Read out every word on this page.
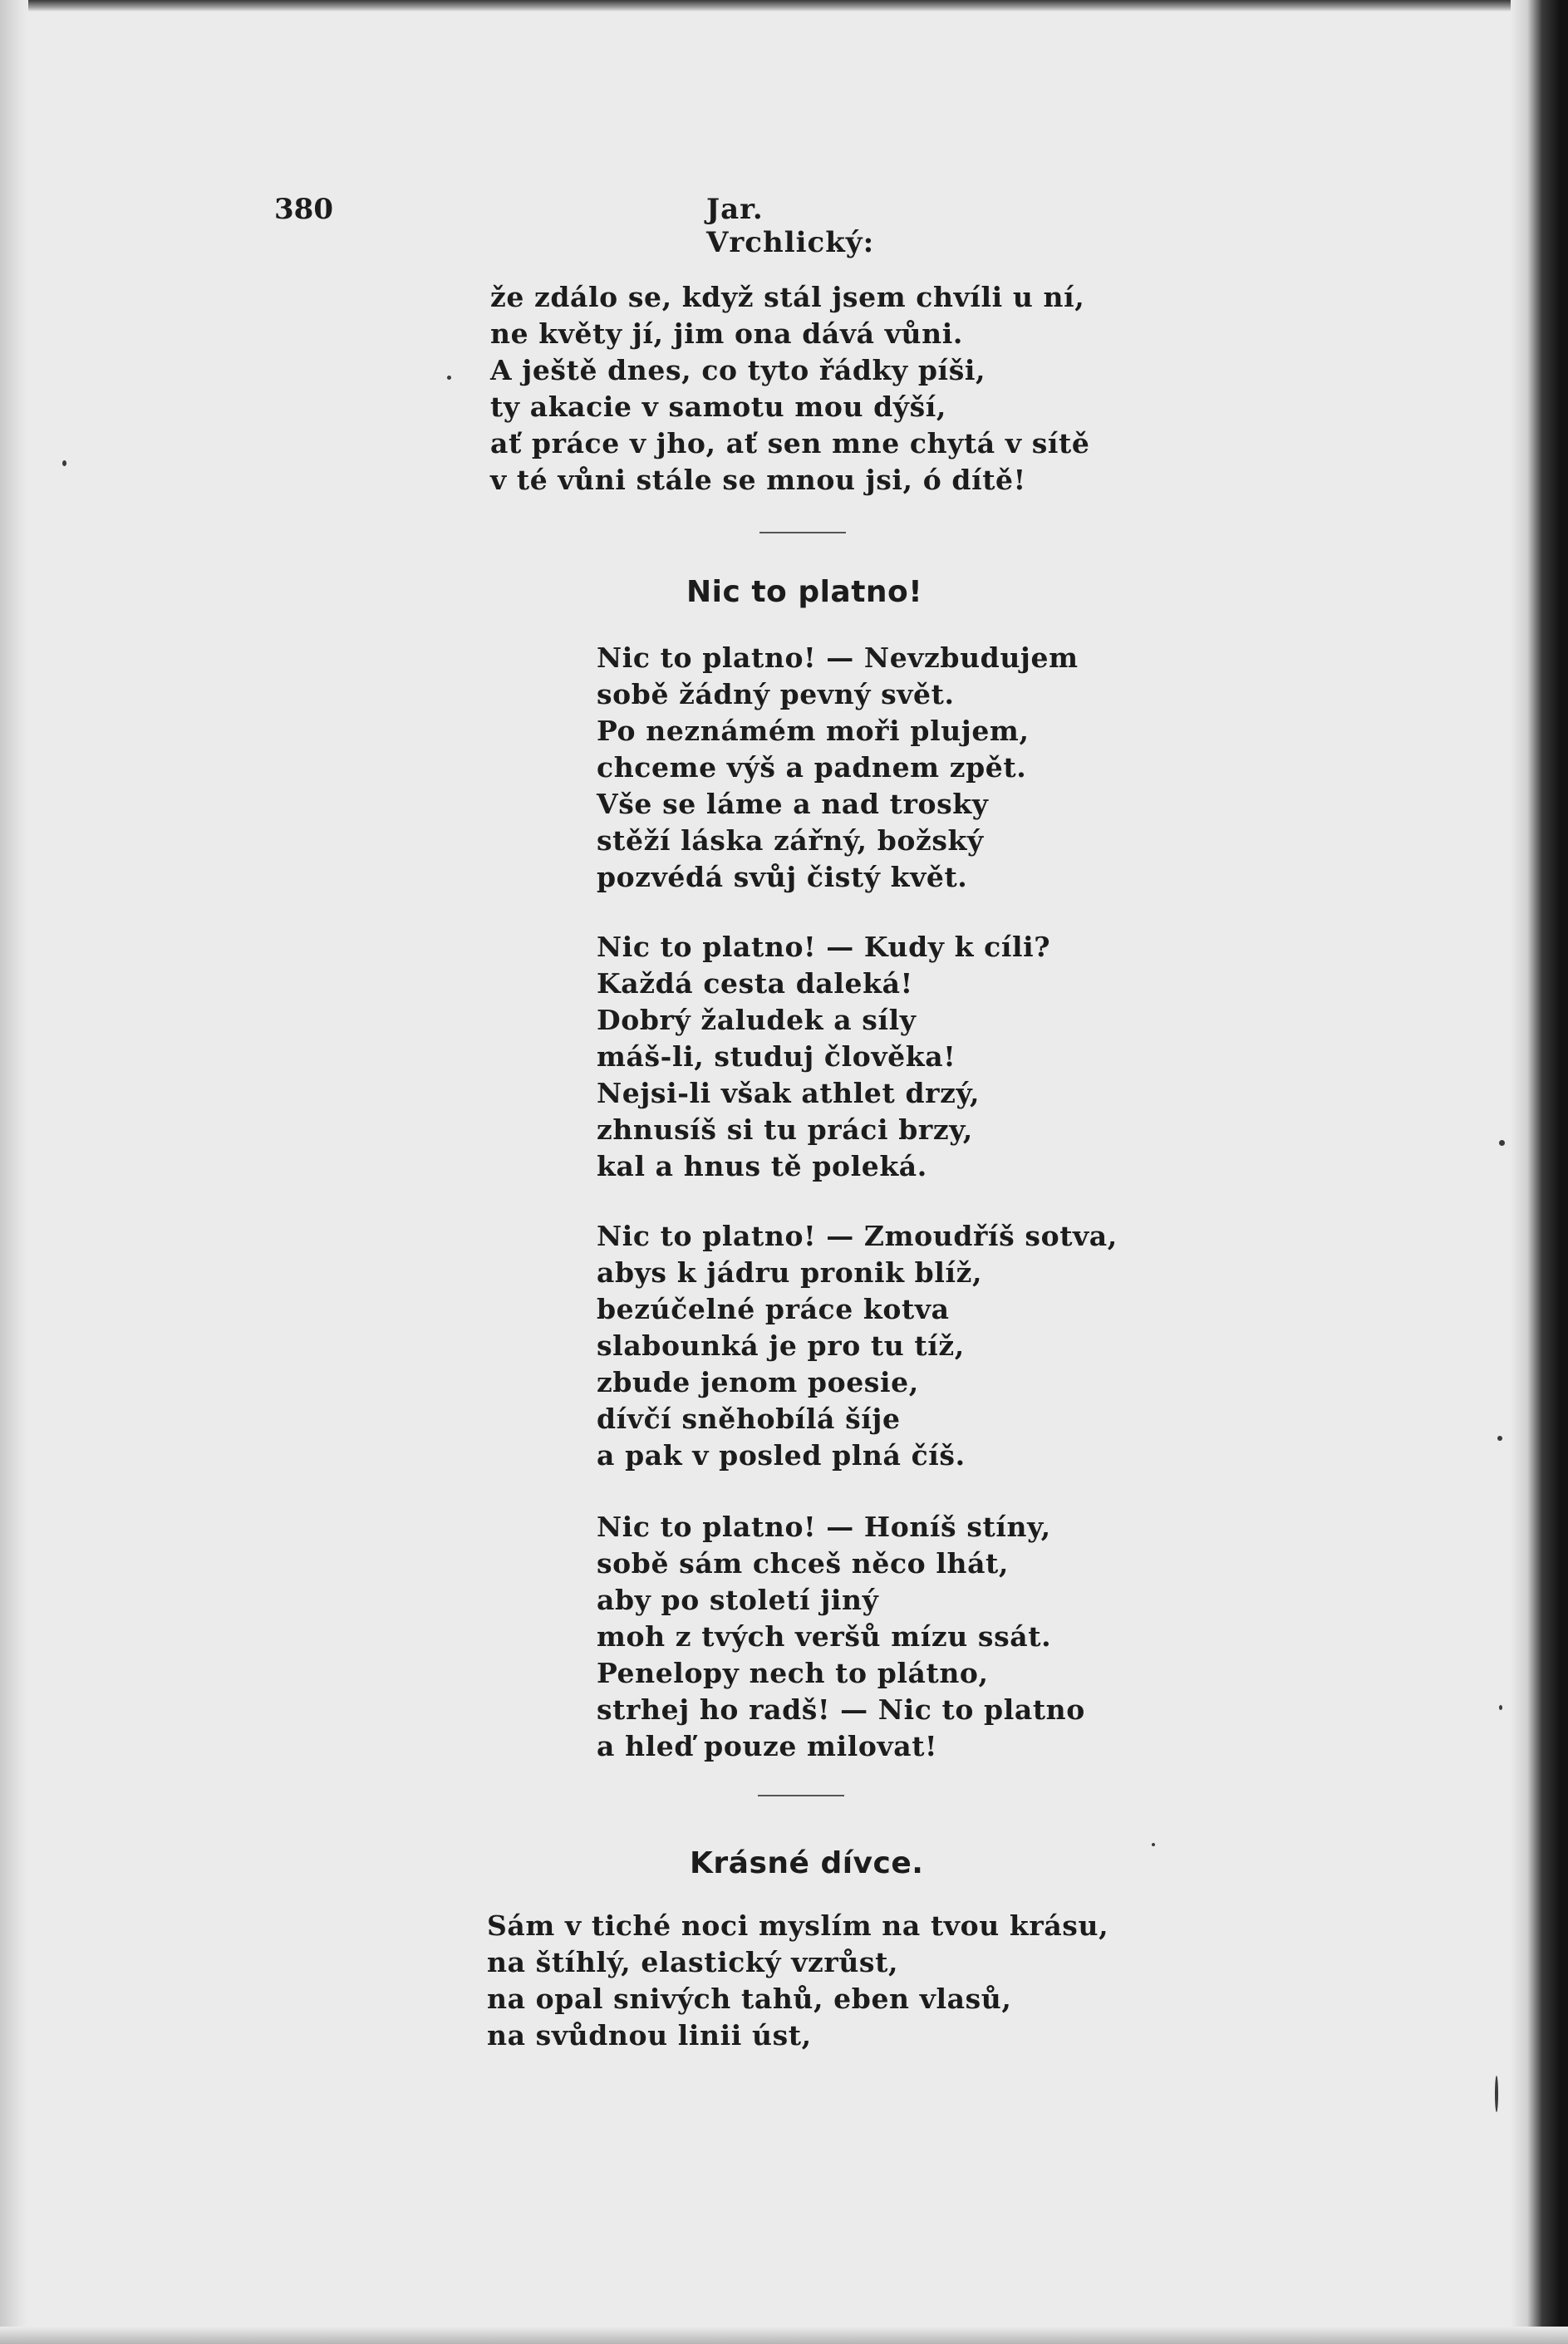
380	Jar. Vrchlický:
že zdálo se, když stál jsem chvíli u ní,
ne květy jí, jim ona dává vůni.
A ještě dnes, co tyto řádky píši,
ty akacie v samotu mou dýší,
ať práce v jho, ať sen mne chytá v sítě
v té vůni stále se mnou jsi, ó dítě!
Nic to platno!
Nic to platno! — Nevzbudujem
sobě žádný pevný svět.
Po neznámém moři plujem,
chceme výš a padnem zpět.
Vše se láme a nad trosky
stěží láska zářný, božský
pozvédá svůj čistý květ.
Nic to platno! — Kudy k cíli?
Každá cesta daleká!
Dobrý žaludek a síly
máš-li, studuj člověka!
Nejsi-li však athlet drzý,
zhnusíš si tu práci brzy,
kal a hnus tě poleká.
Nic to platno! — Zmoudříš sotva,
abys k jádru pronik blíž,
bezúčelné práce kotva
slabounká je pro tu tíž,
zbude jenom poesie,
dívčí sněhobílá šíje
a pak v posled plná číš.
Nic to platno! — Honíš stíny,
sobě sám chceš něco lhát,
aby po století jiný
moh z tvých veršů mízu ssát.
Penelopy nech to plátno,
strhej ho radš! — Nic to platno
a hleď pouze milovat!
Krásné dívce.
Sám v tiché noci myslím na tvou krásu,
na štíhlý, elastický vzrůst,
na opal snivých tahů, eben vlasů,
na svůdnou linii úst,
